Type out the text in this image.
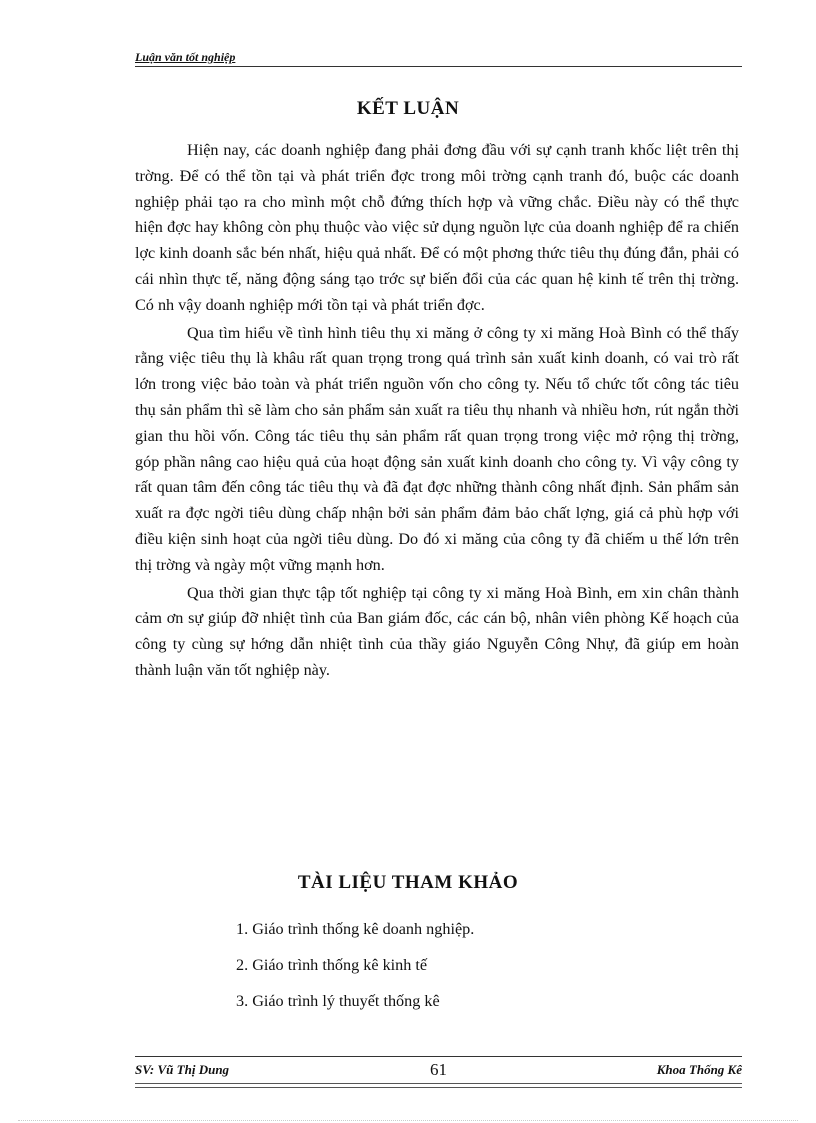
Luận văn tốt nghiệp
KẾT LUẬN

Hiện nay, các doanh nghiệp đang phải đơng đầu với sự cạnh tranh khốc liệt trên thị trờng. Để có thể tồn tại và phát triển đợc trong môi trờng cạnh tranh đó, buộc các doanh nghiệp phải tạo ra cho mình một chỗ đứng thích hợp và vững chắc. Điều này có thể thực hiện đợc hay không còn phụ thuộc vào việc sử dụng nguồn lực của doanh nghiệp để ra chiến lợc kinh doanh sắc bén nhất, hiệu quả nhất. Để có một phơng thức tiêu thụ đúng đắn, phải có cái nhìn thực tế, năng động sáng tạo trớc sự biến đổi của các quan hệ kinh tế trên thị trờng. Có nh vậy doanh nghiệp mới tồn tại và phát triển đợc.

Qua tìm hiểu về tình hình tiêu thụ xi măng ở công ty xi măng Hoà Bình có thể thấy rằng việc tiêu thụ là khâu rất quan trọng trong quá trình sản xuất kinh doanh, có vai trò rất lớn trong việc bảo toàn và phát triển nguồn vốn cho công ty. Nếu tổ chức tốt công tác tiêu thụ sản phẩm thì sẽ làm cho sản phẩm sản xuất ra tiêu thụ nhanh và nhiều hơn, rút ngắn thời gian thu hồi vốn. Công tác tiêu thụ sản phẩm rất quan trọng trong việc mở rộng thị trờng, góp phần nâng cao hiệu quả của hoạt động sản xuất kinh doanh cho công ty. Vì vậy công ty rất quan tâm đến công tác tiêu thụ và đã đạt đợc những thành công nhất định. Sản phẩm sản xuất ra đợc ngời tiêu dùng chấp nhận bởi sản phẩm đảm bảo chất lợng, giá cả phù hợp với điều kiện sinh hoạt của ngời tiêu dùng. Do đó xi măng của công ty đã chiếm u thế lớn trên thị trờng và ngày một vững mạnh hơn.

Qua thời gian thực tập tốt nghiệp tại công ty xi măng Hoà Bình, em xin chân thành cảm ơn sự giúp đỡ nhiệt tình của Ban giám đốc, các cán bộ, nhân viên phòng Kế hoạch của công ty cùng sự hớng dẫn nhiệt tình của thầy giáo Nguyễn Công Nhự, đã giúp em hoàn thành luận văn tốt nghiệp này.

TÀI LIỆU THAM KHẢO
1. Giáo trình thống kê doanh nghiệp.
2. Giáo trình thống kê kinh tế
3. Giáo trình lý thuyết thống kê
SV: Vũ Thị Dung	61	Khoa Thống Kê
